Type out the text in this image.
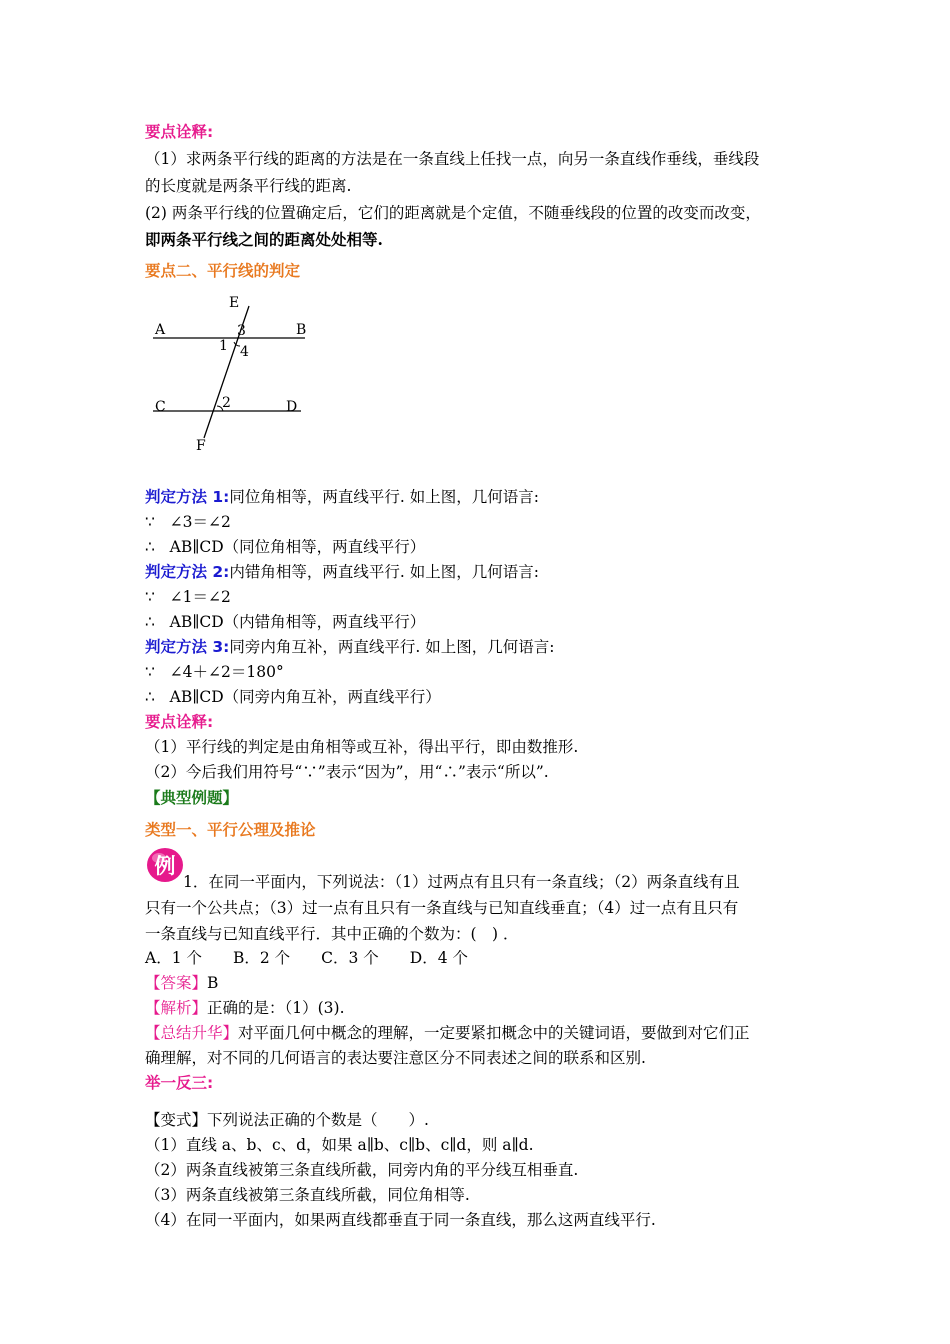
要点诠释:
（1）求两条平行线的距离的方法是在一条直线上任找一点，向另一条直线作垂线，垂线段
的长度就是两条平行线的距离.
(2) 两条平行线的位置确定后，它们的距离就是个定值，不随垂线段的位置的改变而改变，
即两条平行线之间的距离处处相等.
要点二、平行线的判定
E
A	B
3
1 4
C	D
2
F
判定方法 1:同位角相等，两直线平行. 如上图，几何语言:
∵ ∠3＝∠2
∴ AB∥CD（同位角相等，两直线平行）
判定方法 2:内错角相等，两直线平行. 如上图，几何语言:
∵ ∠1＝∠2
∴ AB∥CD（内错角相等，两直线平行）
判定方法 3:同旁内角互补，两直线平行. 如上图，几何语言:
∵ ∠4＋∠2＝180°
∴ AB∥CD（同旁内角互补，两直线平行）
要点诠释:
（1）平行线的判定是由角相等或互补，得出平行，即由数推形.
（2）今后我们用符号“∵”表示“因为”，用“∴”表示“所以”.
【典型例题】
类型一、平行公理及推论
例
1．在同一平面内，下列说法：（1）过两点有且只有一条直线；（2）两条直线有且
只有一个公共点；（3）过一点有且只有一条直线与已知直线垂直；（4）过一点有且只有
一条直线与已知直线平行．其中正确的个数为：(　) ．
A．1 个　　B．2 个　　C．3 个　　D．4 个
【答案】B
【解析】正确的是：（1）(3).
【总结升华】对平面几何中概念的理解，一定要紧扣概念中的关键词语，要做到对它们正
确理解，对不同的几何语言的表达要注意区分不同表述之间的联系和区别.
举一反三:
【变式】下列说法正确的个数是（　　）.
（1）直线 a、b、c、d，如果 a∥b、c∥b、c∥d，则 a∥d.
（2）两条直线被第三条直线所截，同旁内角的平分线互相垂直.
（3）两条直线被第三条直线所截，同位角相等.
（4）在同一平面内，如果两直线都垂直于同一条直线，那么这两直线平行.
